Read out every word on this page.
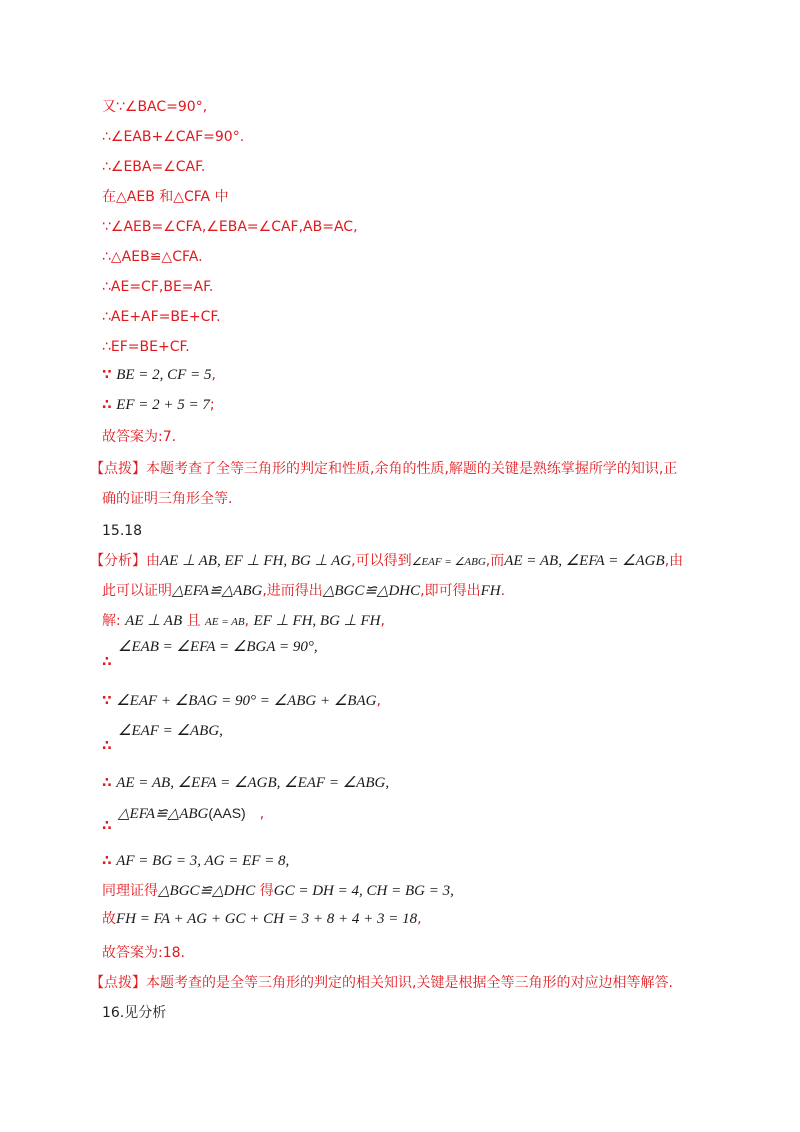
又∵∠BAC=90°,
∴∠EAB+∠CAF=90°.
∴∠EBA=∠CAF.
在△AEB 和△CFA 中
∵∠AEB=∠CFA,∠EBA=∠CAF,AB=AC,
∴△AEB≌△CFA.
∴AE=CF,BE=AF.
∴AE+AF=BE+CF.
∴EF=BE+CF.
∵ BE = 2, CF = 5,
∴ EF = 2 + 5 = 7;
故答案为:7.
【点拨】本题考查了全等三角形的判定和性质,余角的性质,解题的关键是熟练掌握所学的知识,正
确的证明三角形全等.
15.18
【分析】由AE ⊥ AB, EF ⊥ FH, BG ⊥ AG,可以得到∠EAF = ∠ABG,而AE = AB, ∠EFA = ∠AGB,由
此可以证明△EFA≌△ABG,进而得出△BGC≌△DHC,即可得出FH.
解: AE ⊥ AB 且 AE = AB, EF ⊥ FH, BG ⊥ FH,
∠EAB = ∠EFA = ∠BGA = 90°,
∴
∵ ∠EAF + ∠BAG = 90° = ∠ABG + ∠BAG,
∠EAF = ∠ABG,
∴
∴ AE = AB, ∠EFA = ∠AGB, ∠EAF = ∠ABG,
△EFA≌△ABG(AAS) ,
∴
∴ AF = BG = 3, AG = EF = 8,
同理证得△BGC≌△DHC 得GC = DH = 4, CH = BG = 3,
故FH = FA + AG + GC + CH = 3 + 8 + 4 + 3 = 18,
故答案为:18.
【点拨】本题考查的是全等三角形的判定的相关知识,关键是根据全等三角形的对应边相等解答.
16.见分析
